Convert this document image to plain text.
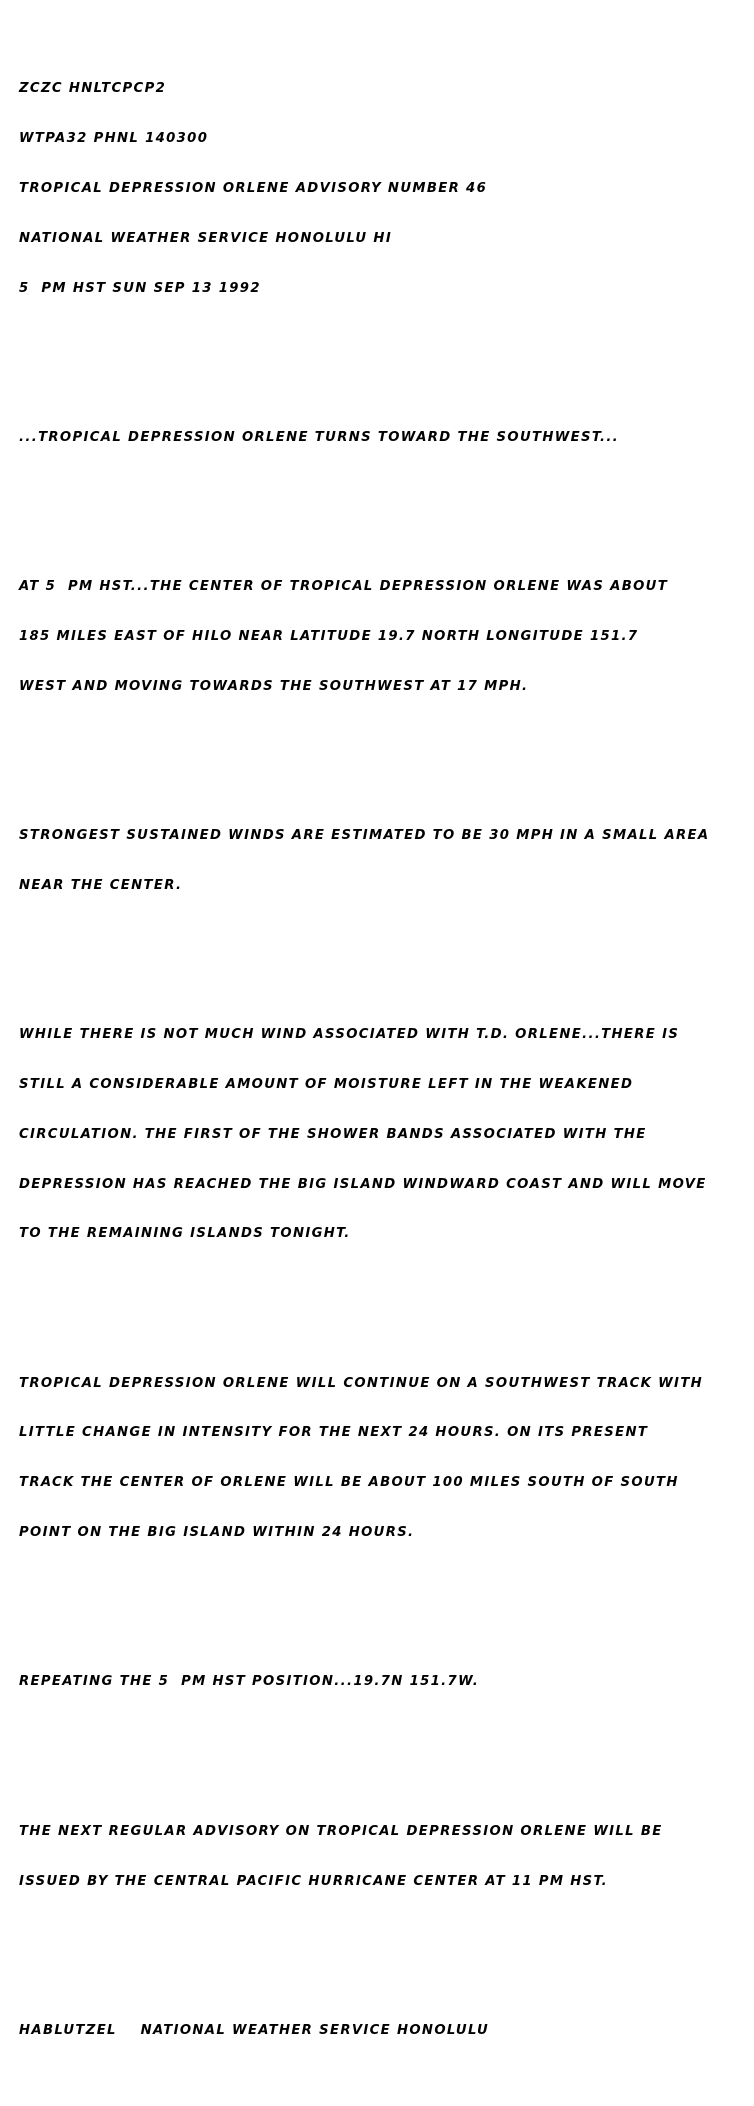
ZCZC HNLTCPCP2

WTPA32 PHNL 140300

TROPICAL DEPRESSION ORLENE ADVISORY NUMBER 46

NATIONAL WEATHER SERVICE HONOLULU HI

5  PM HST SUN SEP 13 1992

...TROPICAL DEPRESSION ORLENE TURNS TOWARD THE SOUTHWEST...

AT 5  PM HST...THE CENTER OF TROPICAL DEPRESSION ORLENE WAS ABOUT

185 MILES EAST OF HILO NEAR LATITUDE 19.7 NORTH LONGITUDE 151.7

WEST AND MOVING TOWARDS THE SOUTHWEST AT 17 MPH.

STRONGEST SUSTAINED WINDS ARE ESTIMATED TO BE 30 MPH IN A SMALL AREA

NEAR THE CENTER.

WHILE THERE IS NOT MUCH WIND ASSOCIATED WITH T.D. ORLENE...THERE IS

STILL A CONSIDERABLE AMOUNT OF MOISTURE LEFT IN THE WEAKENED

CIRCULATION. THE FIRST OF THE SHOWER BANDS ASSOCIATED WITH THE

DEPRESSION HAS REACHED THE BIG ISLAND WINDWARD COAST AND WILL MOVE

TO THE REMAINING ISLANDS TONIGHT.

TROPICAL DEPRESSION ORLENE WILL CONTINUE ON A SOUTHWEST TRACK WITH

LITTLE CHANGE IN INTENSITY FOR THE NEXT 24 HOURS. ON ITS PRESENT

TRACK THE CENTER OF ORLENE WILL BE ABOUT 100 MILES SOUTH OF SOUTH

POINT ON THE BIG ISLAND WITHIN 24 HOURS.

REPEATING THE 5  PM HST POSITION...19.7N 151.7W.

THE NEXT REGULAR ADVISORY ON TROPICAL DEPRESSION ORLENE WILL BE

ISSUED BY THE CENTRAL PACIFIC HURRICANE CENTER AT 11 PM HST.

HABLUTZEL    NATIONAL WEATHER SERVICE HONOLULU
